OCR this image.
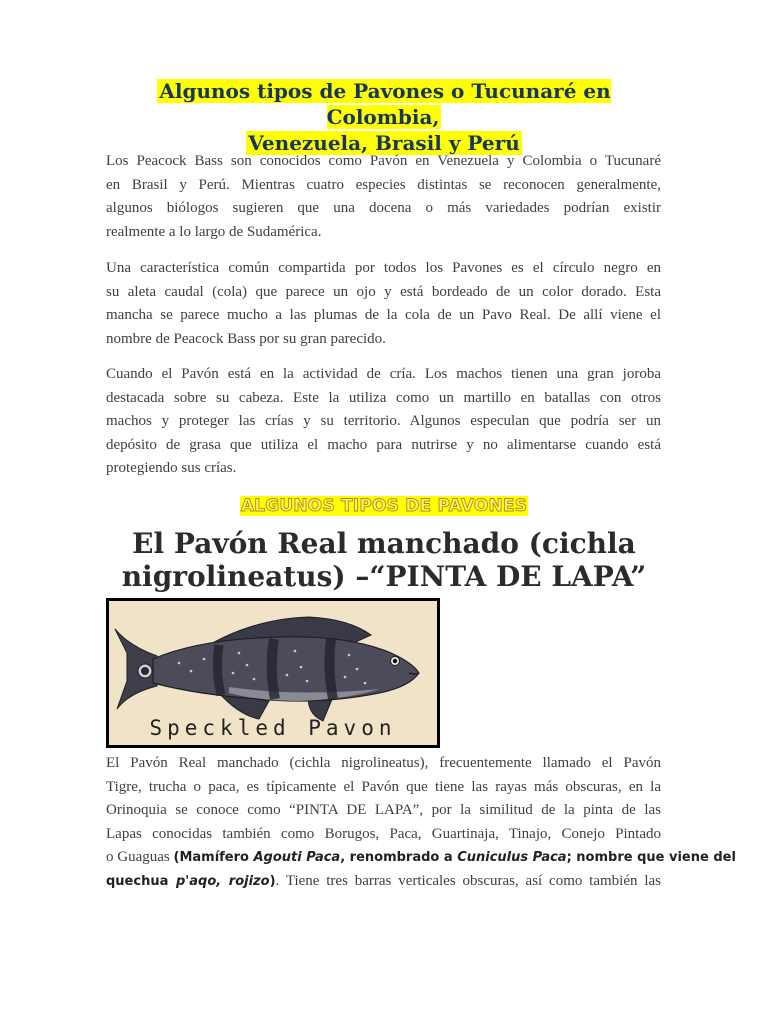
Algunos tipos de Pavones o Tucunaré en Colombia,
Venezuela, Brasil y Perú
Los Peacock Bass son conocidos como Pavón en Venezuela y Colombia o Tucunaré
en Brasil y Perú. Mientras cuatro especies distintas se reconocen generalmente,
algunos biólogos sugieren que una docena o más variedades podrían existir
realmente a lo largo de Sudamérica.
Una característica común compartida por todos los Pavones es el círculo negro en
su aleta caudal (cola) que parece un ojo y está bordeado de un color dorado. Esta
mancha se parece mucho a las plumas de la cola de un Pavo Real. De allí viene el
nombre de Peacock Bass por su gran parecido.
Cuando el Pavón está en la actividad de cría. Los machos tienen una gran joroba
destacada sobre su cabeza. Este la utiliza como un martillo en batallas con otros
machos y proteger las crías y su territorio. Algunos especulan que podría ser un
depósito de grasa que utiliza el macho para nutrirse y no alimentarse cuando está
protegiendo sus crías.
ALGUNOS TIPOS DE PAVONES
El Pavón Real manchado (cichla
nigrolineatus) –“PINTA DE LAPA”
Speckled Pavon
El Pavón Real manchado (cichla nigrolineatus), frecuentemente llamado el Pavón
Tigre, trucha o paca, es típicamente el Pavón que tiene las rayas más obscuras, en la
Orinoquia se conoce como “PINTA DE LAPA”, por la similitud de la pinta de las
Lapas conocidas también como Borugos, Paca, Guartinaja, Tinajo, Conejo Pintado
o Guaguas (Mamífero Agouti Paca, renombrado a Cuniculus Paca; nombre que viene del
quechua p'aqo, rojizo). Tiene tres barras verticales obscuras, así como también las
